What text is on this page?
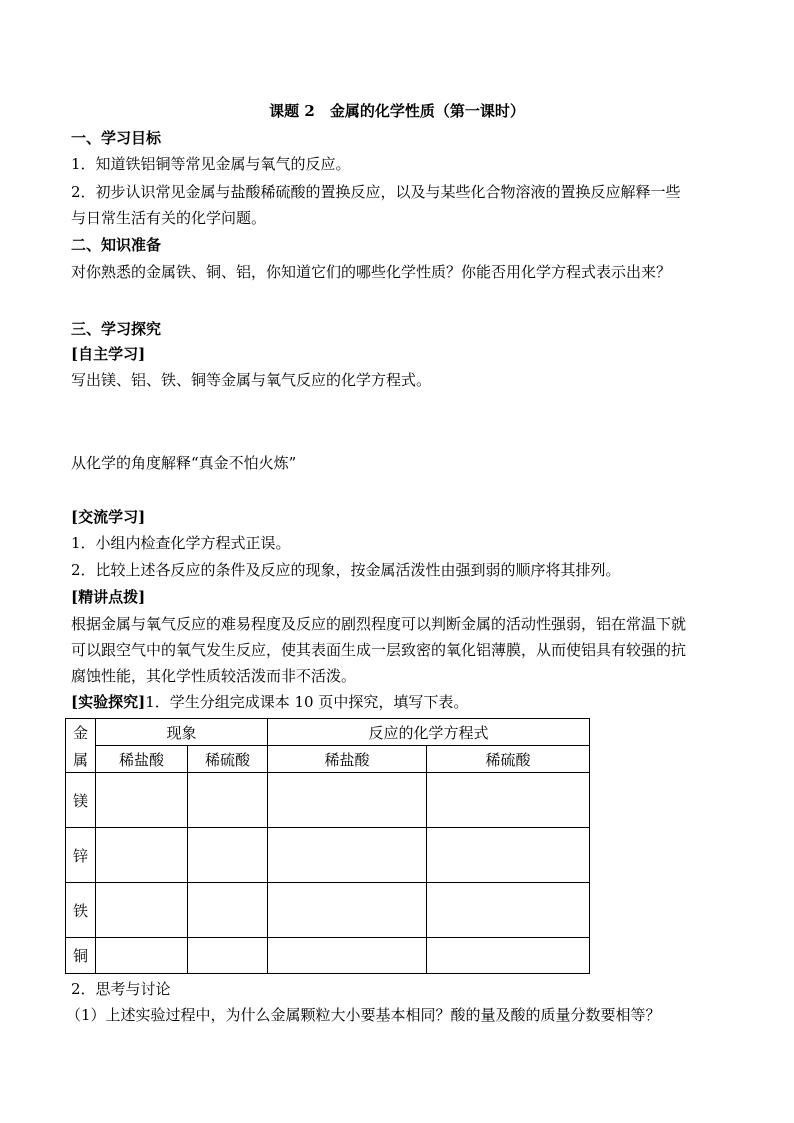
课题 2　金属的化学性质（第一课时）
一、学习目标
1．知道铁铝铜等常见金属与氧气的反应。
2．初步认识常见金属与盐酸稀硫酸的置换反应，以及与某些化合物溶液的置换反应解释一些
与日常生活有关的化学问题。
二、知识准备
对你熟悉的金属铁、铜、铝，你知道它们的哪些化学性质？你能否用化学方程式表示出来？
三、学习探究
[自主学习]
写出镁、铝、铁、铜等金属与氧气反应的化学方程式。
从化学的角度解释“真金不怕火炼”
[交流学习]
1．小组内检查化学方程式正误。
2．比较上述各反应的条件及反应的现象，按金属活泼性由强到弱的顺序将其排列。
[精讲点拨]
根据金属与氧气反应的难易程度及反应的剧烈程度可以判断金属的活动性强弱，铝在常温下就
可以跟空气中的氧气发生反应，使其表面生成一层致密的氧化铝薄膜，从而使铝具有较强的抗
腐蚀性能，其化学性质较活泼而非不活泼。
[实验探究]1．学生分组完成课本 10 页中探究，填写下表。
金
属	现象		反应的化学方程式	
	稀盐酸	稀硫酸	稀盐酸	稀硫酸
镁				
锌				
铁				
铜				
2．思考与讨论
（1）上述实验过程中，为什么金属颗粒大小要基本相同？酸的量及酸的质量分数要相等？
